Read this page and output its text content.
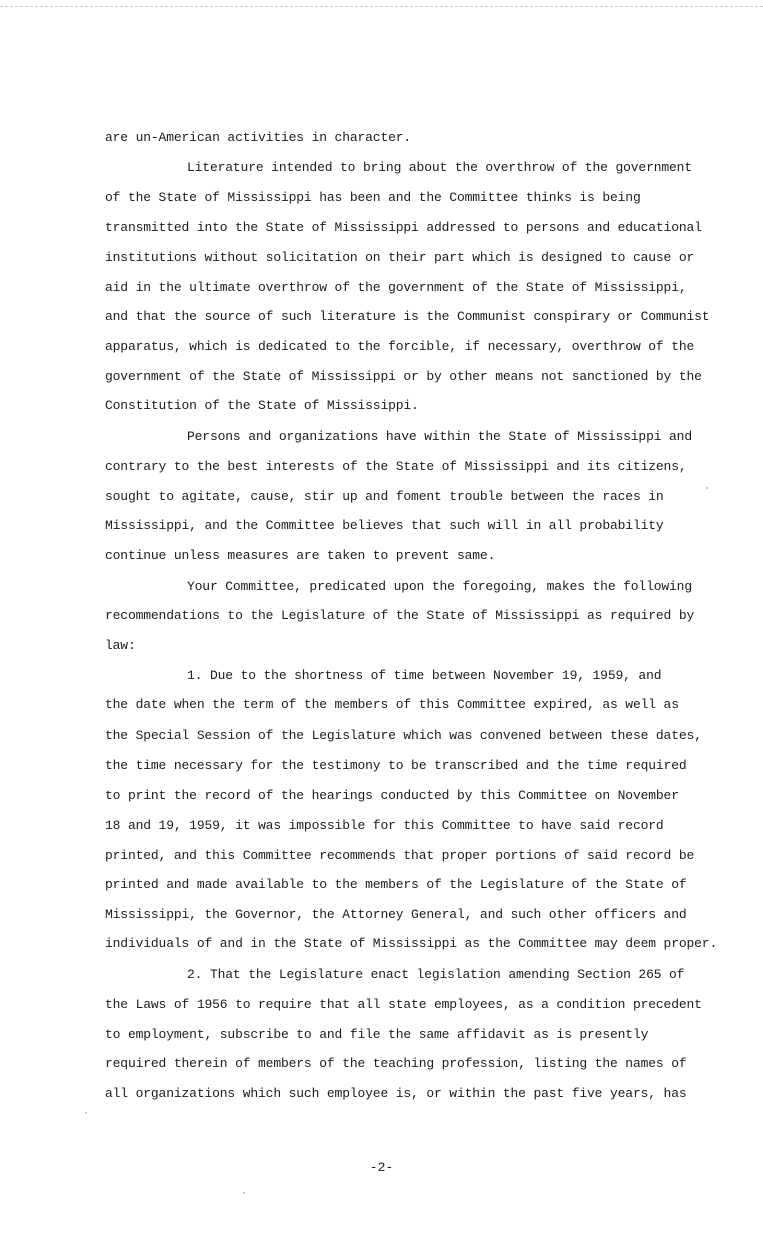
are un-American activities in character.
Literature intended to bring about the overthrow of the government
of the State of Mississippi has been and the Committee thinks is being
transmitted into the State of Mississippi addressed to persons and educational
institutions without solicitation on their part which is designed to cause or
aid in the ultimate overthrow of the government of the State of Mississippi,
and that the source of such literature is the Communist conspirary or Communist
apparatus, which is dedicated to the forcible, if necessary, overthrow of the
government of the State of Mississippi or by other means not sanctioned by the
Constitution of the State of Mississippi.
Persons and organizations have within the State of Mississippi and
contrary to the best interests of the State of Mississippi and its citizens,
sought to agitate, cause, stir up and foment trouble between the races in
Mississippi, and the Committee believes that such will in all probability
continue unless measures are taken to prevent same.
Your Committee, predicated upon the foregoing, makes the following
recommendations to the Legislature of the State of Mississippi as required by
law:
1. Due to the shortness of time between November 19, 1959, and
the date when the term of the members of this Committee expired, as well as
the Special Session of the Legislature which was convened between these dates,
the time necessary for the testimony to be transcribed and the time required
to print the record of the hearings conducted by this Committee on November
18 and 19, 1959, it was impossible for this Committee to have said record
printed, and this Committee recommends that proper portions of said record be
printed and made available to the members of the Legislature of the State of
Mississippi, the Governor, the Attorney General, and such other officers and
individuals of and in the State of Mississippi as the Committee may deem proper.
2. That the Legislature enact legislation amending Section 265 of
the Laws of 1956 to require that all state employees, as a condition precedent
to employment, subscribe to and file the same affidavit as is presently
required therein of members of the teaching profession, listing the names of
all organizations which such employee is, or within the past five years, has
-2-
